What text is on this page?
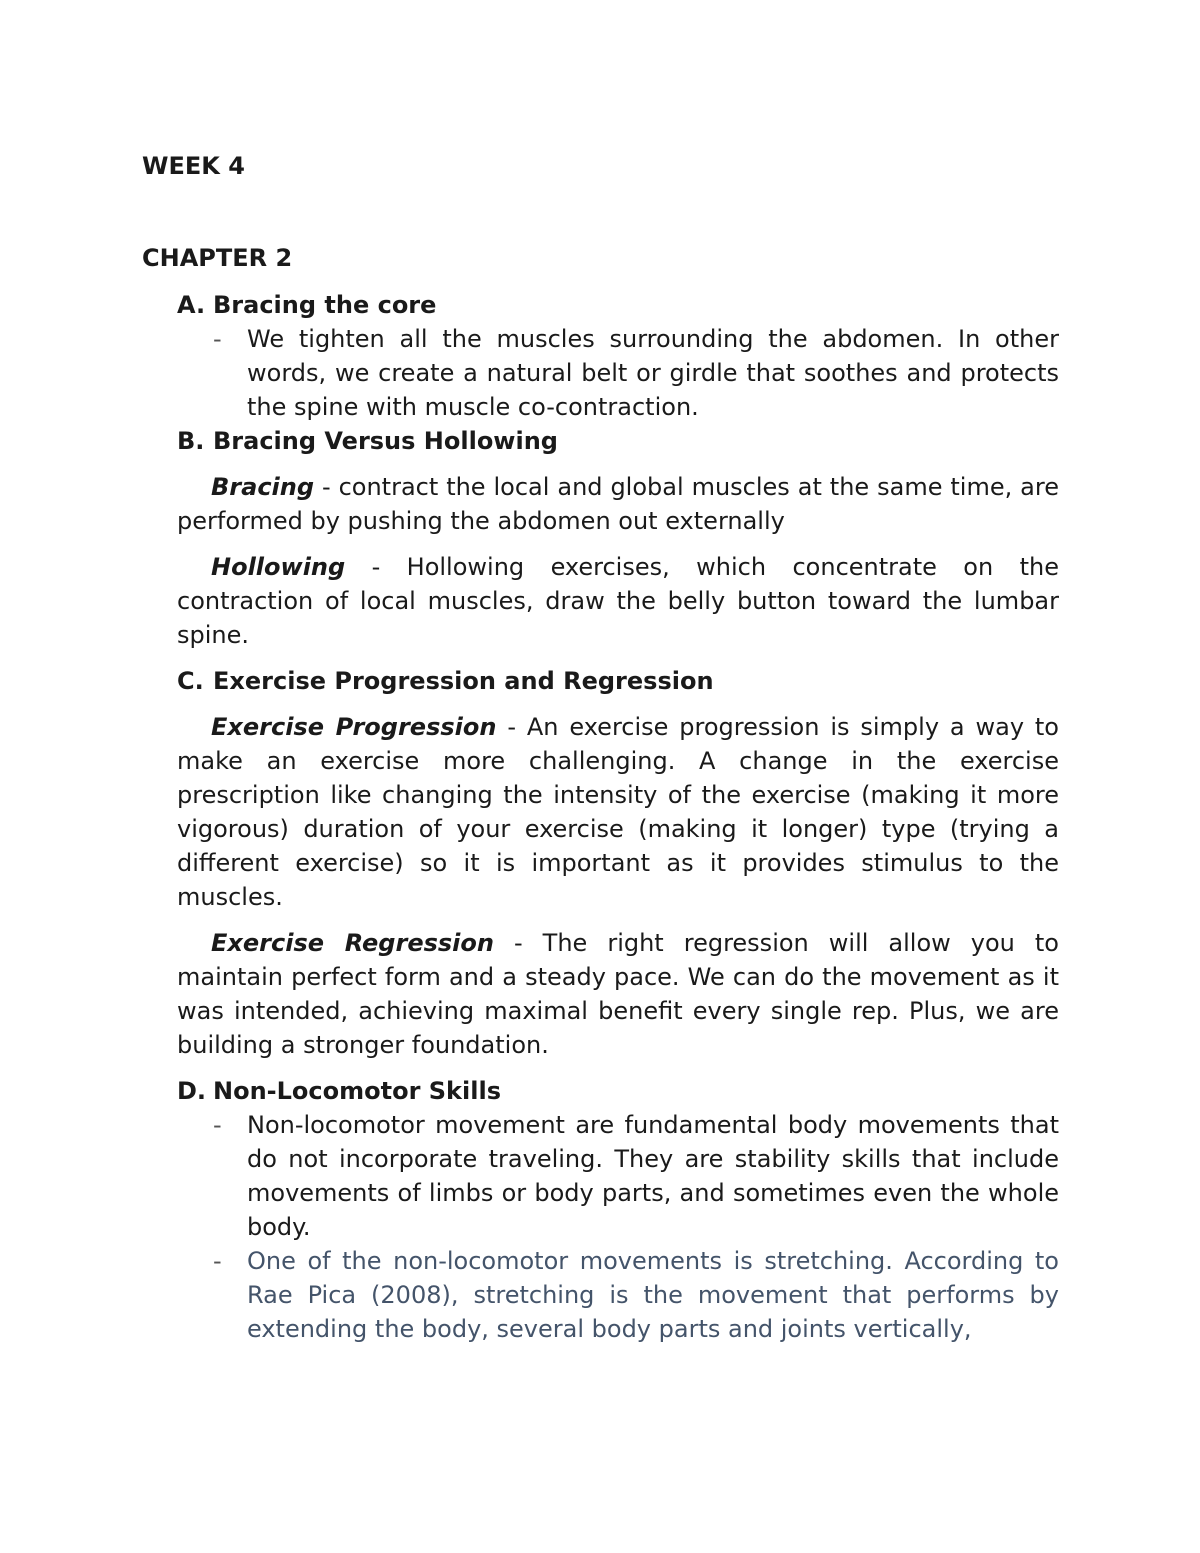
WEEK 4

CHAPTER 2

A. Bracing the core
-	We tighten all the muscles surrounding the abdomen. In other words, we create a natural belt or girdle that soothes and protects the spine with muscle co-contraction.
B. Bracing Versus Hollowing

Bracing - contract the local and global muscles at the same time, are performed by pushing the abdomen out externally

Hollowing - Hollowing exercises, which concentrate on the contraction of local muscles, draw the belly button toward the lumbar spine.

C. Exercise Progression and Regression

Exercise Progression - An exercise progression is simply a way to make an exercise more challenging. A change in the exercise prescription like changing the intensity of the exercise (making it more vigorous) duration of your exercise (making it longer) type (trying a different exercise) so it is important as it provides stimulus to the muscles.

Exercise Regression - The right regression will allow you to maintain perfect form and a steady pace. We can do the movement as it was intended, achieving maximal benefit every single rep. Plus, we are building a stronger foundation.

D. Non-Locomotor Skills
-	Non-locomotor movement are fundamental body movements that do not incorporate traveling. They are stability skills that include movements of limbs or body parts, and sometimes even the whole body.
-	One of the non-locomotor movements is stretching. According to Rae Pica (2008), stretching is the movement that performs by extending the body, several body parts and joints vertically,
